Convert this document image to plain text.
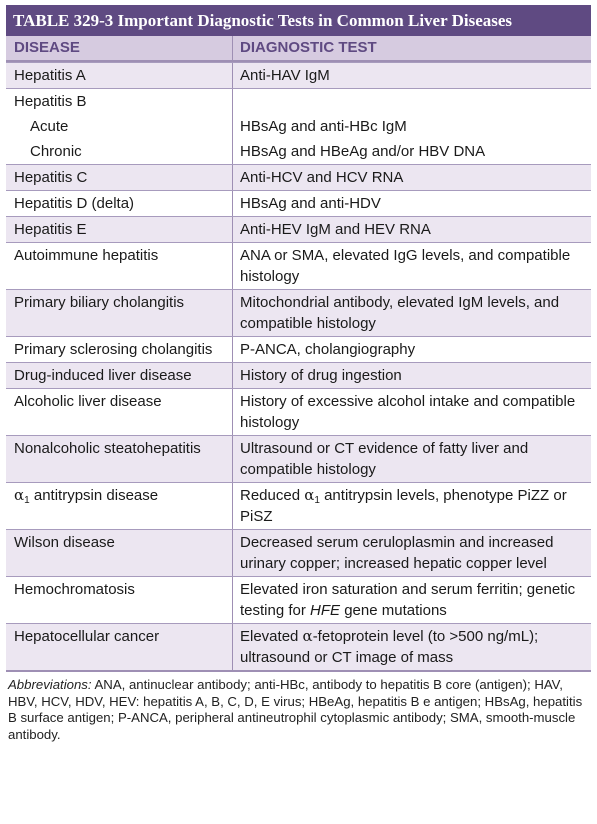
TABLE 329-3 Important Diagnostic Tests in Common Liver Diseases
DISEASE	DIAGNOSTIC TEST
Hepatitis A	Anti-HAV IgM
Hepatitis B
Acute	HBsAg and anti-HBc IgM
Chronic	HBsAg and HBeAg and/or HBV DNA
Hepatitis C	Anti-HCV and HCV RNA
Hepatitis D (delta)	HBsAg and anti-HDV
Hepatitis E	Anti-HEV IgM and HEV RNA
Autoimmune hepatitis	ANA or SMA, elevated IgG levels, and compatible histology
Primary biliary cholangitis	Mitochondrial antibody, elevated IgM levels, and compatible histology
Primary sclerosing cholangitis	P-ANCA, cholangiography
Drug-induced liver disease	History of drug ingestion
Alcoholic liver disease	History of excessive alcohol intake and compatible histology
Nonalcoholic steatohepatitis	Ultrasound or CT evidence of fatty liver and compatible histology
$\alpha_1$ antitrypsin disease	Reduced $\alpha_1$ antitrypsin levels, phenotype PiZZ or PiSZ
Wilson disease	Decreased serum ceruloplasmin and increased urinary copper; increased hepatic copper level
Hemochromatosis	Elevated iron saturation and serum ferritin; genetic testing for HFE gene mutations
Hepatocellular cancer	Elevated α-fetoprotein level (to >500 ng/mL); ultrasound or CT image of mass
Abbreviations: ANA, antinuclear antibody; anti-HBc, antibody to hepatitis B core (antigen); HAV, HBV, HCV, HDV, HEV: hepatitis A, B, C, D, E virus; HBeAg, hepatitis B e antigen; HBsAg, hepatitis B surface antigen; P-ANCA, peripheral antineutrophil cytoplasmic antibody; SMA, smooth-muscle antibody.
